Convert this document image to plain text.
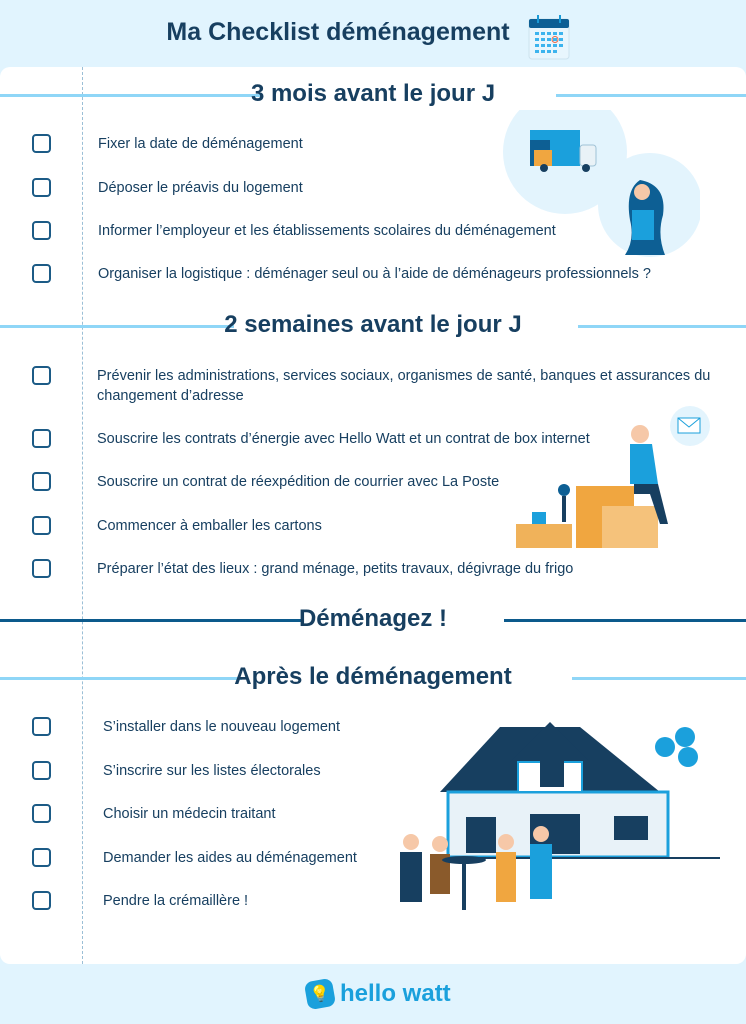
Ma Checklist déménagement
3 mois avant le jour J
Fixer la date de déménagement
Déposer le préavis du logement
Informer l’employeur et les établissements scolaires du déménagement
Organiser la logistique : déménager seul ou à l’aide de déménageurs professionnels ?
2 semaines avant le jour J
Prévenir les administrations, services sociaux, organismes de santé, banques et assurances du changement d’adresse
Souscrire les contrats d’énergie avec Hello Watt et un contrat de box internet
Souscrire un contrat de réexpédition de courrier avec La Poste
Commencer à emballer les cartons
Préparer l’état des lieux : grand ménage, petits travaux, dégivrage du frigo
Déménagez !
Après le déménagement
S’installer dans le nouveau logement
S’inscrire sur les listes électorales
Choisir un médecin traitant
Demander les aides au déménagement
Pendre la crémaillère !
💡 hello watt
